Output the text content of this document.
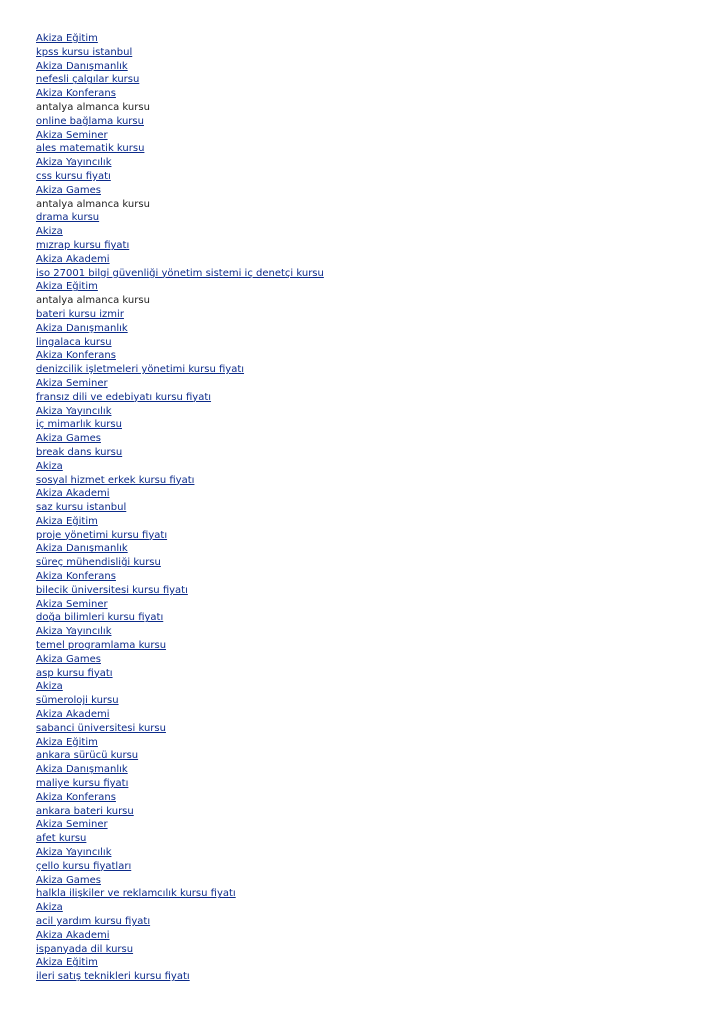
Akiza Eğitim
kpss kursu istanbul
Akiza Danışmanlık
nefesli çalgılar kursu
Akiza Konferans
antalya almanca kursu
online bağlama kursu
Akiza Seminer
ales matematik kursu
Akiza Yayıncılık
css kursu fiyatı
Akiza Games
antalya almanca kursu
drama kursu
Akiza
mızrap kursu fiyatı
Akiza Akademi
iso 27001 bilgi güvenliği yönetim sistemi iç denetçi kursu
Akiza Eğitim
antalya almanca kursu
bateri kursu izmir
Akiza Danışmanlık
lingalaca kursu
Akiza Konferans
denizcilik işletmeleri yönetimi kursu fiyatı
Akiza Seminer
fransız dili ve edebiyatı kursu fiyatı
Akiza Yayıncılık
iç mimarlık kursu
Akiza Games
break dans kursu
Akiza
sosyal hizmet erkek kursu fiyatı
Akiza Akademi
saz kursu istanbul
Akiza Eğitim
proje yönetimi kursu fiyatı
Akiza Danışmanlık
süreç mühendisliği kursu
Akiza Konferans
bilecik üniversitesi kursu fiyatı
Akiza Seminer
doğa bilimleri kursu fiyatı
Akiza Yayıncılık
temel programlama kursu
Akiza Games
asp kursu fiyatı
Akiza
sümeroloji kursu
Akiza Akademi
sabanci üniversitesi kursu
Akiza Eğitim
ankara sürücü kursu
Akiza Danışmanlık
maliye kursu fiyatı
Akiza Konferans
ankara bateri kursu
Akiza Seminer
afet kursu
Akiza Yayıncılık
çello kursu fiyatları
Akiza Games
halkla ilişkiler ve reklamcılık kursu fiyatı
Akiza
acil yardım kursu fiyatı
Akiza Akademi
ispanyada dil kursu
Akiza Eğitim
ileri satış teknikleri kursu fiyatı
